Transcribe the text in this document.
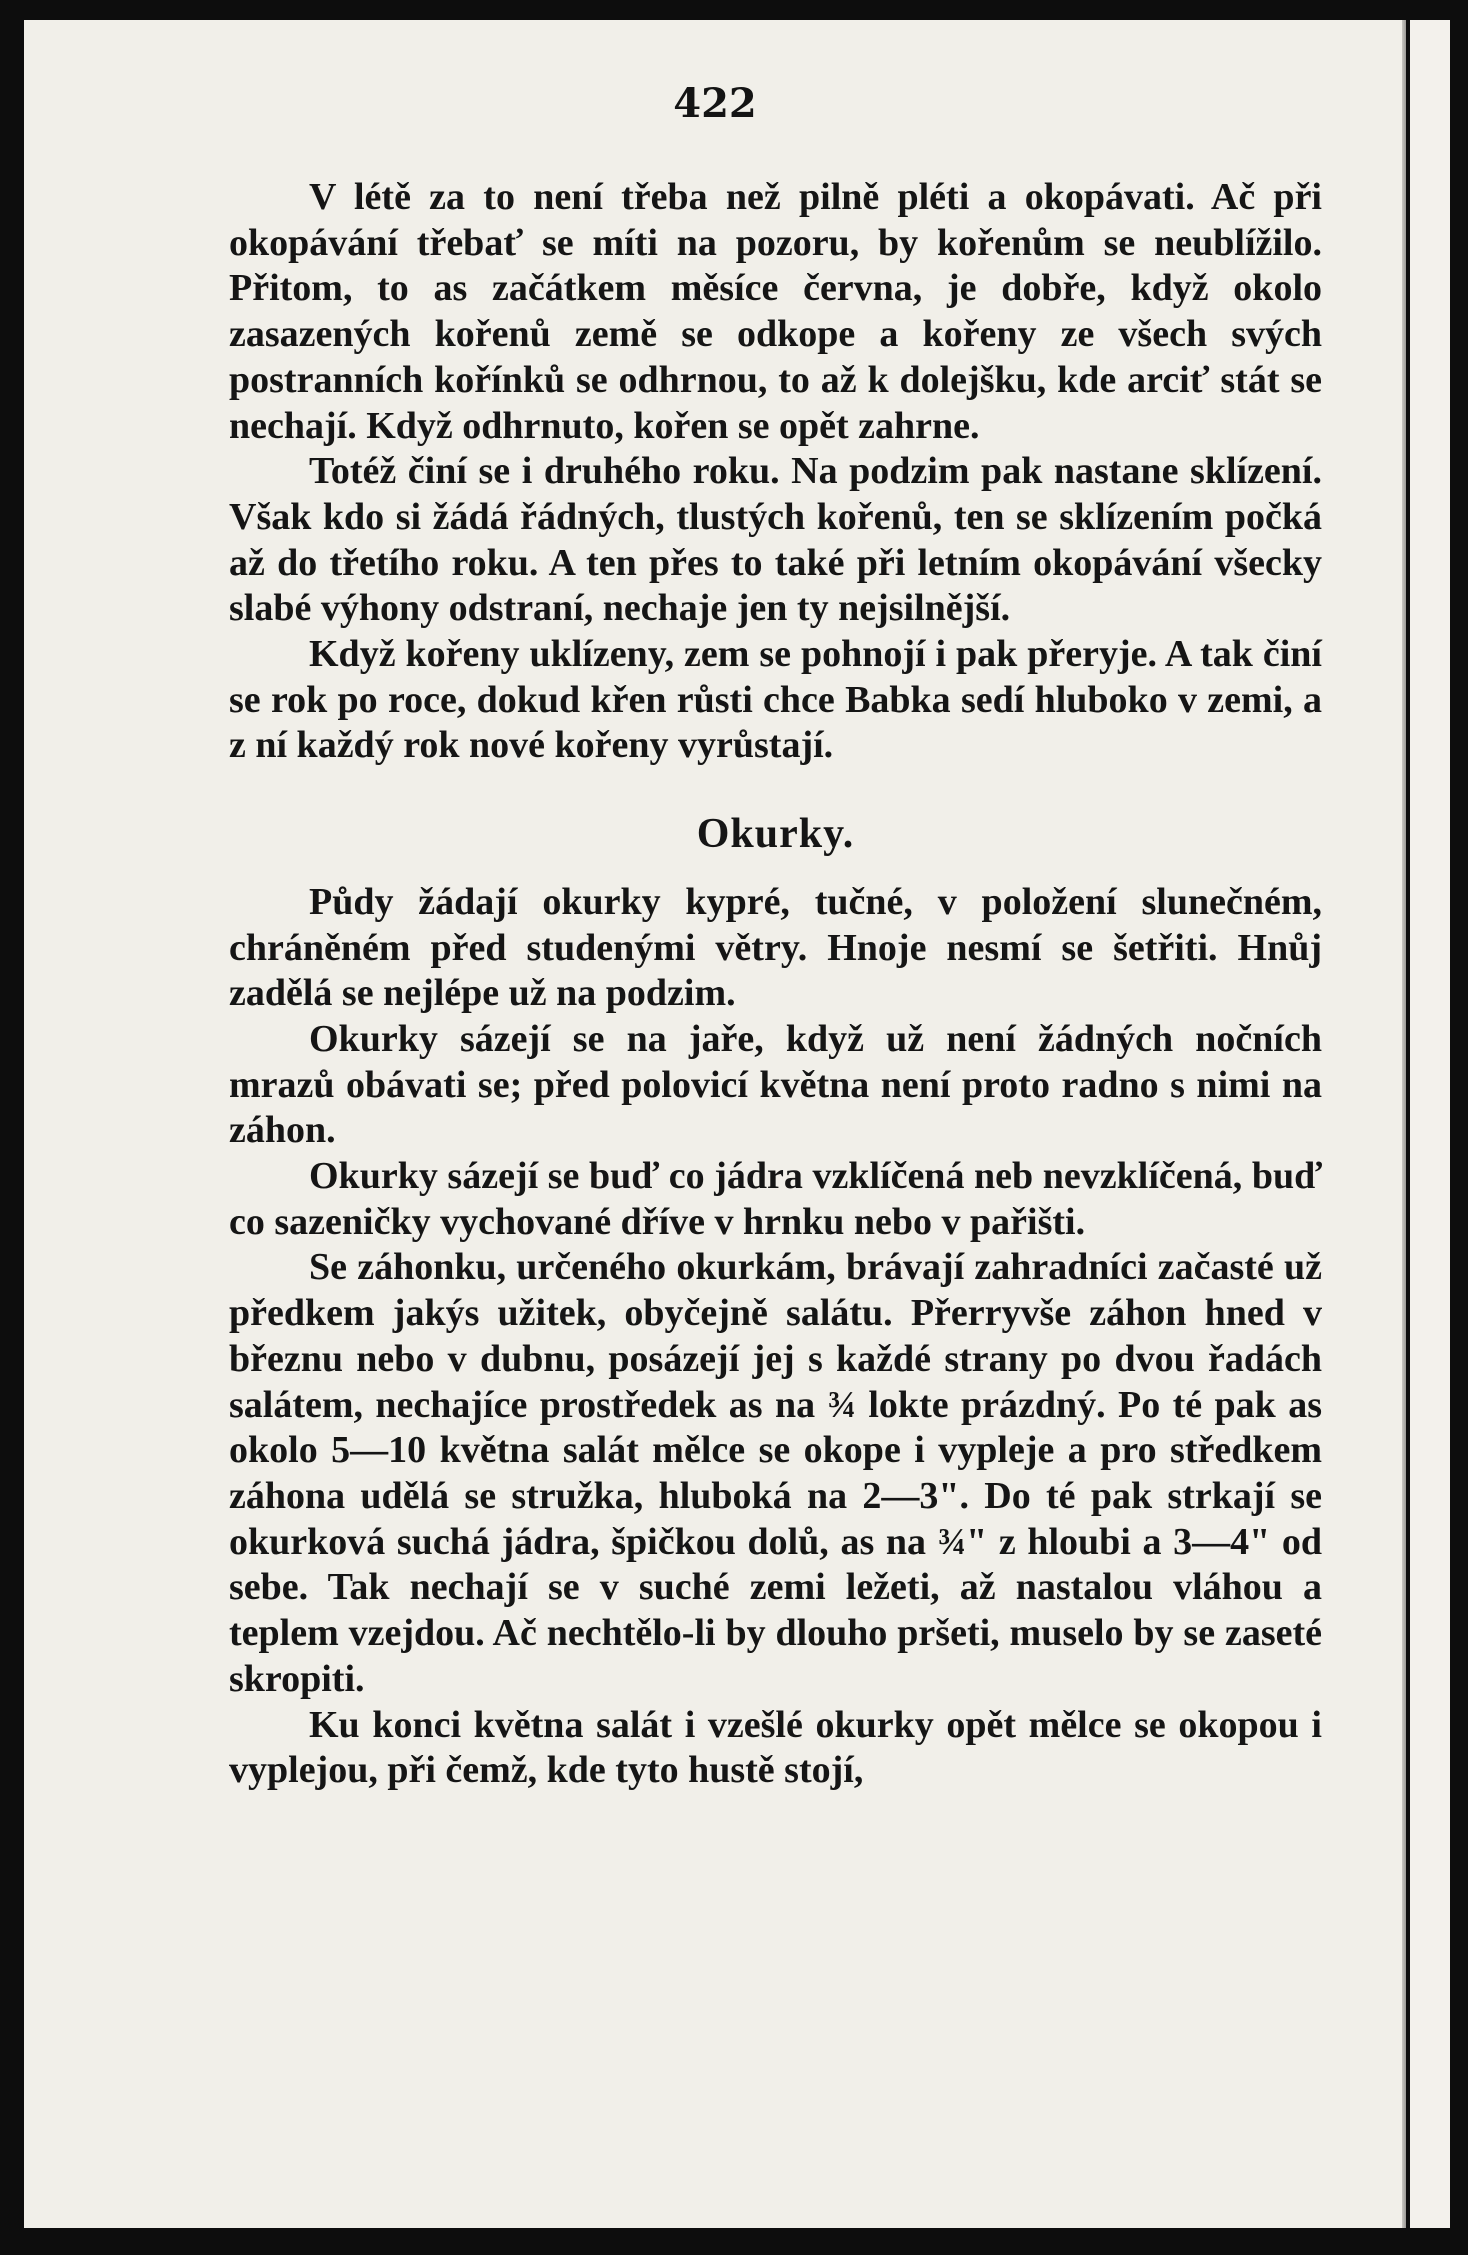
422

V létě za to není třeba než pilně pléti a okopávati. Ač při okopávání třebať se míti na pozoru, by kořenům se neublížilo. Přitom, to as začátkem měsíce června, je dobře, když okolo zasazených kořenů země se odkope a kořeny ze všech svých postranních kořínků se odhrnou, to až k dolejšku, kde arciť stát se nechají. Když odhrnuto, kořen se opět zahrne.

Totéž činí se i druhého roku. Na podzim pak nastane sklízení. Však kdo si žádá řádných, tlustých kořenů, ten se sklízením počká až do třetího roku. A ten přes to také při letním okopávání všecky slabé výhony odstraní, nechaje jen ty nejsilnější.

Když kořeny uklízeny, zem se pohnojí i pak přeryje. A tak činí se rok po roce, dokud křen růsti chce Babka sedí hluboko v zemi, a z ní každý rok nové kořeny vyrůstají.

Okurky.

Půdy žádají okurky kypré, tučné, v položení slunečném, chráněném před studenými větry. Hnoje nesmí se šetřiti. Hnůj zadělá se nejlépe už na podzim.

Okurky sázejí se na jaře, když už není žádných nočních mrazů obávati se; před polovicí května není proto radno s nimi na záhon.

Okurky sázejí se buď co jádra vzklíčená neb nevzklíčená, buď co sazeničky vychované dříve v hrnku nebo v pařišti.

Se záhonku, určeného okurkám, brávají zahradníci začasté už předkem jakýs užitek, obyčejně salátu. Přerryvše záhon hned v březnu nebo v dubnu, posázejí jej s každé strany po dvou řadách salátem, nechajíce prostředek as na ¾ lokte prázdný. Po té pak as okolo 5—10 května salát mělce se okope i vypleje a pro středkem záhona udělá se stružka, hluboká na 2—3". Do té pak strkají se okurková suchá jádra, špičkou dolů, as na ¾" z hloubi a 3—4" od sebe. Tak nechají se v suché zemi ležeti, až nastalou vláhou a teplem vzejdou. Ač nechtělo-li by dlouho pršeti, muselo by se zaseté skropiti.

Ku konci května salát i vzešlé okurky opět mělce se okopou i vyplejou, při čemž, kde tyto hustě stojí,
